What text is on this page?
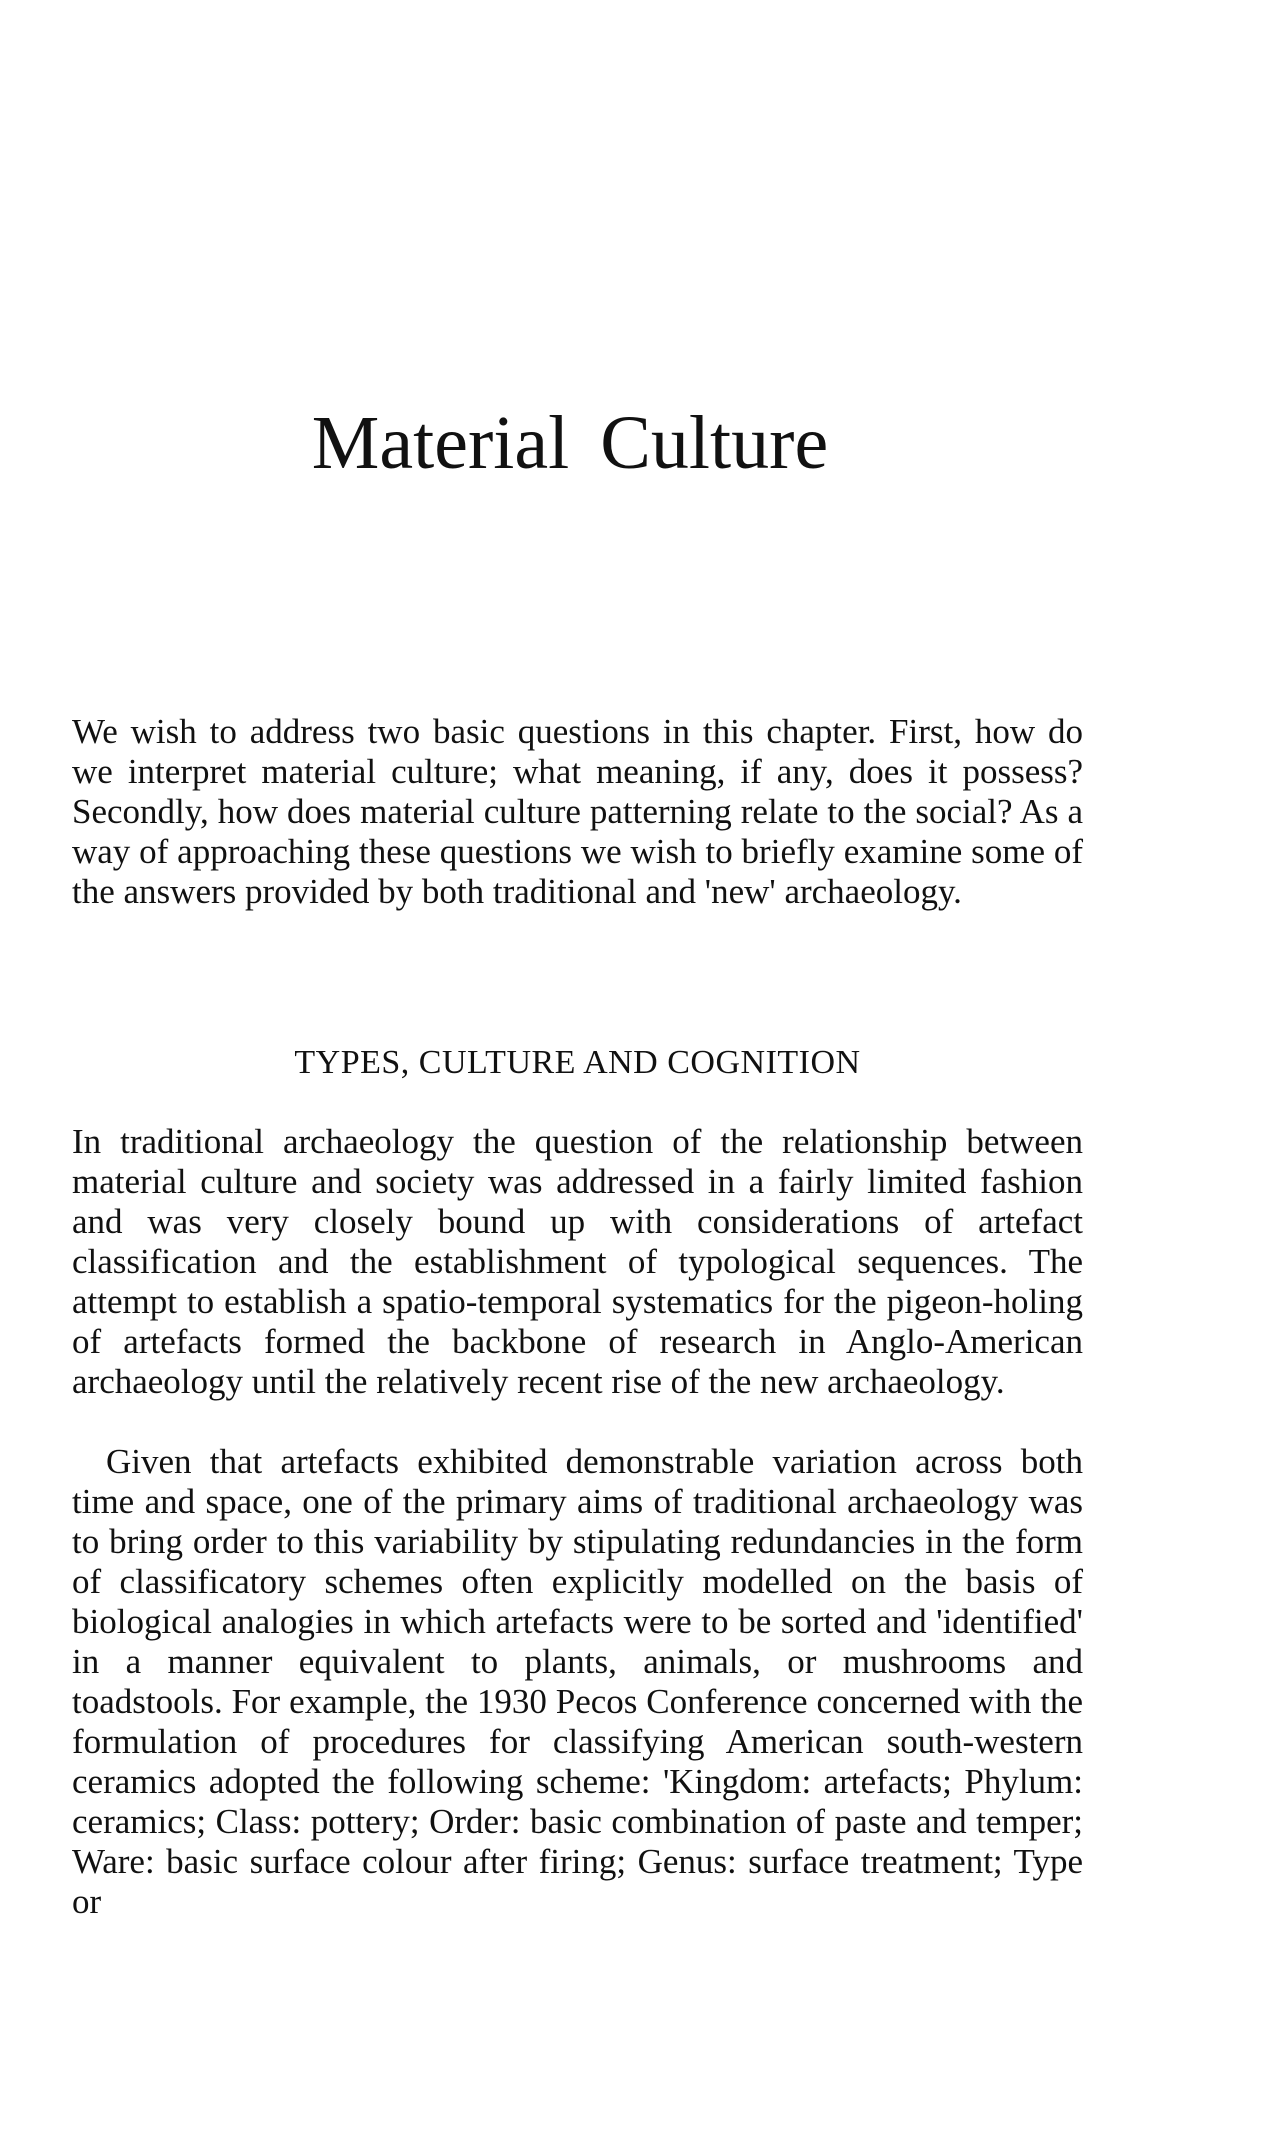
Material Culture

We wish to address two basic questions in this chapter. First, how do we interpret material culture; what meaning, if any, does it possess? Secondly, how does material culture patterning relate to the social? As a way of approaching these questions we wish to briefly examine some of the answers provided by both traditional and 'new' archaeology.

TYPES, CULTURE AND COGNITION

In traditional archaeology the question of the relationship between material culture and society was addressed in a fairly limited fashion and was very closely bound up with considerations of artefact classification and the establishment of typological sequences. The attempt to establish a spatio-temporal systematics for the pigeon-holing of artefacts formed the backbone of research in Anglo-American archaeology until the relatively recent rise of the new archaeology.

Given that artefacts exhibited demonstrable variation across both time and space, one of the primary aims of traditional archaeology was to bring order to this variability by stipulating redundancies in the form of classificatory schemes often explicitly modelled on the basis of biological analogies in which artefacts were to be sorted and 'identified' in a manner equivalent to plants, animals, or mushrooms and toadstools. For example, the 1930 Pecos Conference concerned with the formulation of procedures for classifying American south-western ceramics adopted the following scheme: 'Kingdom: artefacts; Phylum: ceramics; Class: pottery; Order: basic combination of paste and temper; Ware: basic surface colour after firing; Genus: surface treatment; Type or
